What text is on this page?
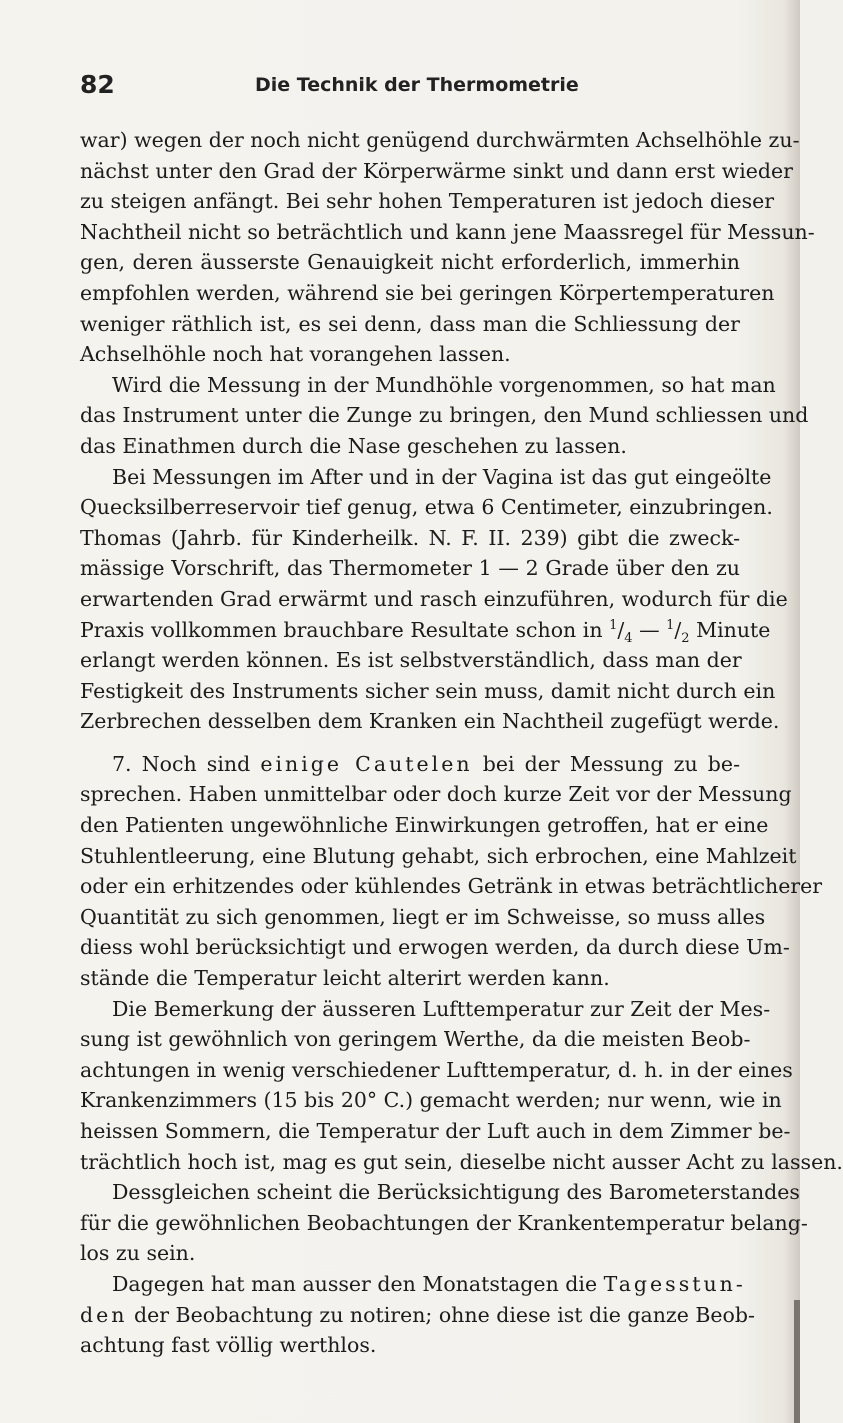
82	Die Technik der Thermometrie
war) wegen der noch nicht genügend durchwärmten Achselhöhle zu-
nächst unter den Grad der Körperwärme sinkt und dann erst wieder
zu steigen anfängt. Bei sehr hohen Temperaturen ist jedoch dieser
Nachtheil nicht so beträchtlich und kann jene Maassregel für Messun-
gen, deren äusserste Genauigkeit nicht erforderlich, immerhin
empfohlen werden, während sie bei geringen Körpertemperaturen
weniger räthlich ist, es sei denn, dass man die Schliessung der
Achselhöhle noch hat vorangehen lassen.
Wird die Messung in der Mundhöhle vorgenommen, so hat man
das Instrument unter die Zunge zu bringen, den Mund schliessen und
das Einathmen durch die Nase geschehen zu lassen.
Bei Messungen im After und in der Vagina ist das gut eingeölte
Quecksilberreservoir tief genug, etwa 6 Centimeter, einzubringen.
Thomas (Jahrb. für Kinderheilk. N. F. II. 239) gibt die zweck-
mässige Vorschrift, das Thermometer 1 — 2 Grade über den zu
erwartenden Grad erwärmt und rasch einzuführen, wodurch für die
Praxis vollkommen brauchbare Resultate schon in $^1/_4$ — $^1/_2$ Minute
erlangt werden können. Es ist selbstverständlich, dass man der
Festigkeit des Instruments sicher sein muss, damit nicht durch ein
Zerbrechen desselben dem Kranken ein Nachtheil zugefügt werde.
7. Noch sind einige Cautelen bei der Messung zu be-
sprechen. Haben unmittelbar oder doch kurze Zeit vor der Messung
den Patienten ungewöhnliche Einwirkungen getroffen, hat er eine
Stuhlentleerung, eine Blutung gehabt, sich erbrochen, eine Mahlzeit
oder ein erhitzendes oder kühlendes Getränk in etwas beträchtlicherer
Quantität zu sich genommen, liegt er im Schweisse, so muss alles
diess wohl berücksichtigt und erwogen werden, da durch diese Um-
stände die Temperatur leicht alterirt werden kann.
Die Bemerkung der äusseren Lufttemperatur zur Zeit der Mes-
sung ist gewöhnlich von geringem Werthe, da die meisten Beob-
achtungen in wenig verschiedener Lufttemperatur, d. h. in der eines
Krankenzimmers (15 bis 20° C.) gemacht werden; nur wenn, wie in
heissen Sommern, die Temperatur der Luft auch in dem Zimmer be-
trächtlich hoch ist, mag es gut sein, dieselbe nicht ausser Acht zu lassen.
Dessgleichen scheint die Berücksichtigung des Barometerstandes
für die gewöhnlichen Beobachtungen der Krankentemperatur belang-
los zu sein.
Dagegen hat man ausser den Monatstagen die Tagesstun-
den der Beobachtung zu notiren; ohne diese ist die ganze Beob-
achtung fast völlig werthlos.
